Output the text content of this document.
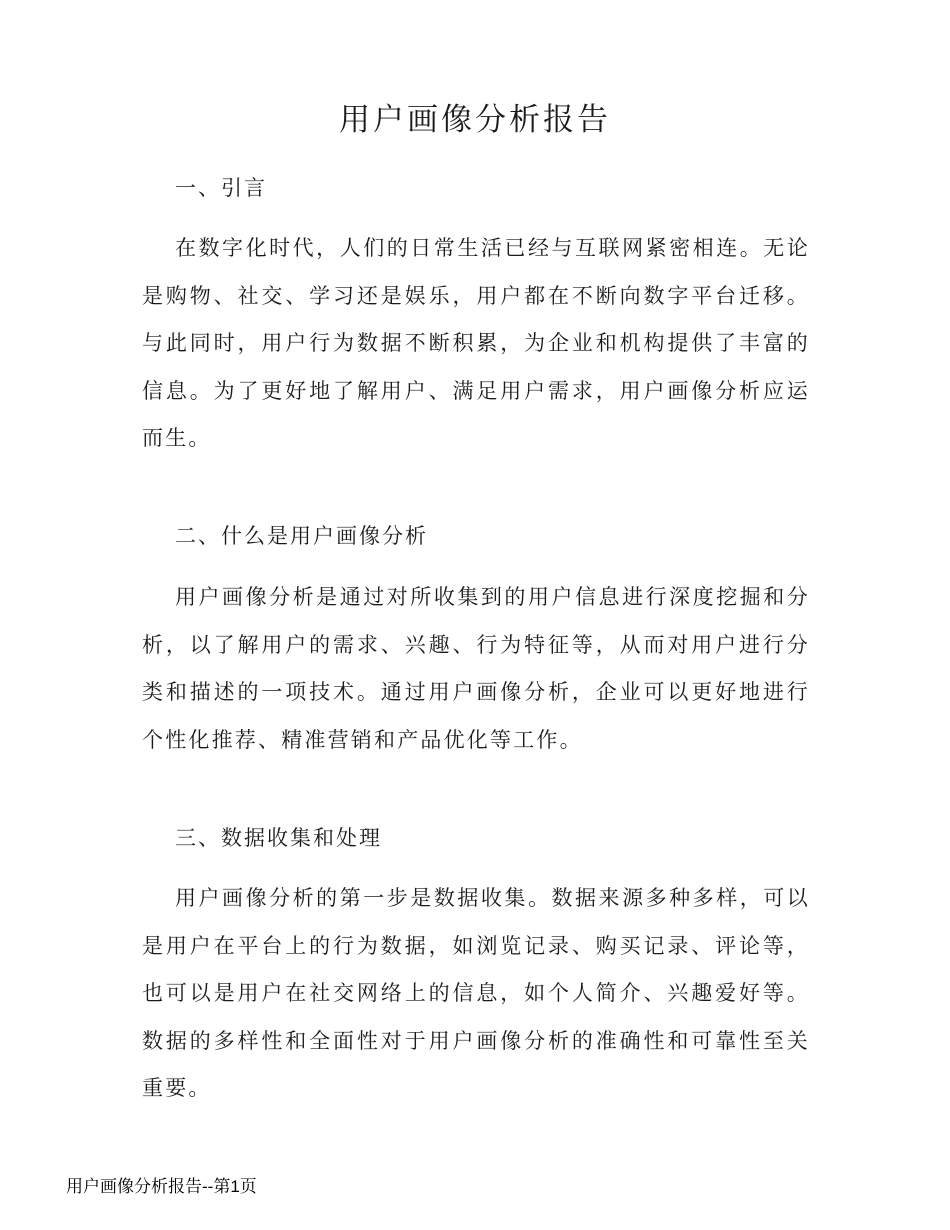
用户画像分析报告
一、引言

在数字化时代，人们的日常生活已经与互联网紧密相连。无论是购物、社交、学习还是娱乐，用户都在不断向数字平台迁移。与此同时，用户行为数据不断积累，为企业和机构提供了丰富的信息。为了更好地了解用户、满足用户需求，用户画像分析应运而生。

二、什么是用户画像分析

用户画像分析是通过对所收集到的用户信息进行深度挖掘和分析，以了解用户的需求、兴趣、行为特征等，从而对用户进行分类和描述的一项技术。通过用户画像分析，企业可以更好地进行个性化推荐、精准营销和产品优化等工作。

三、数据收集和处理

用户画像分析的第一步是数据收集。数据来源多种多样，可以是用户在平台上的行为数据，如浏览记录、购买记录、评论等，也可以是用户在社交网络上的信息，如个人简介、兴趣爱好等。数据的多样性和全面性对于用户画像分析的准确性和可靠性至关重要。

用户画像分析报告--第1页
